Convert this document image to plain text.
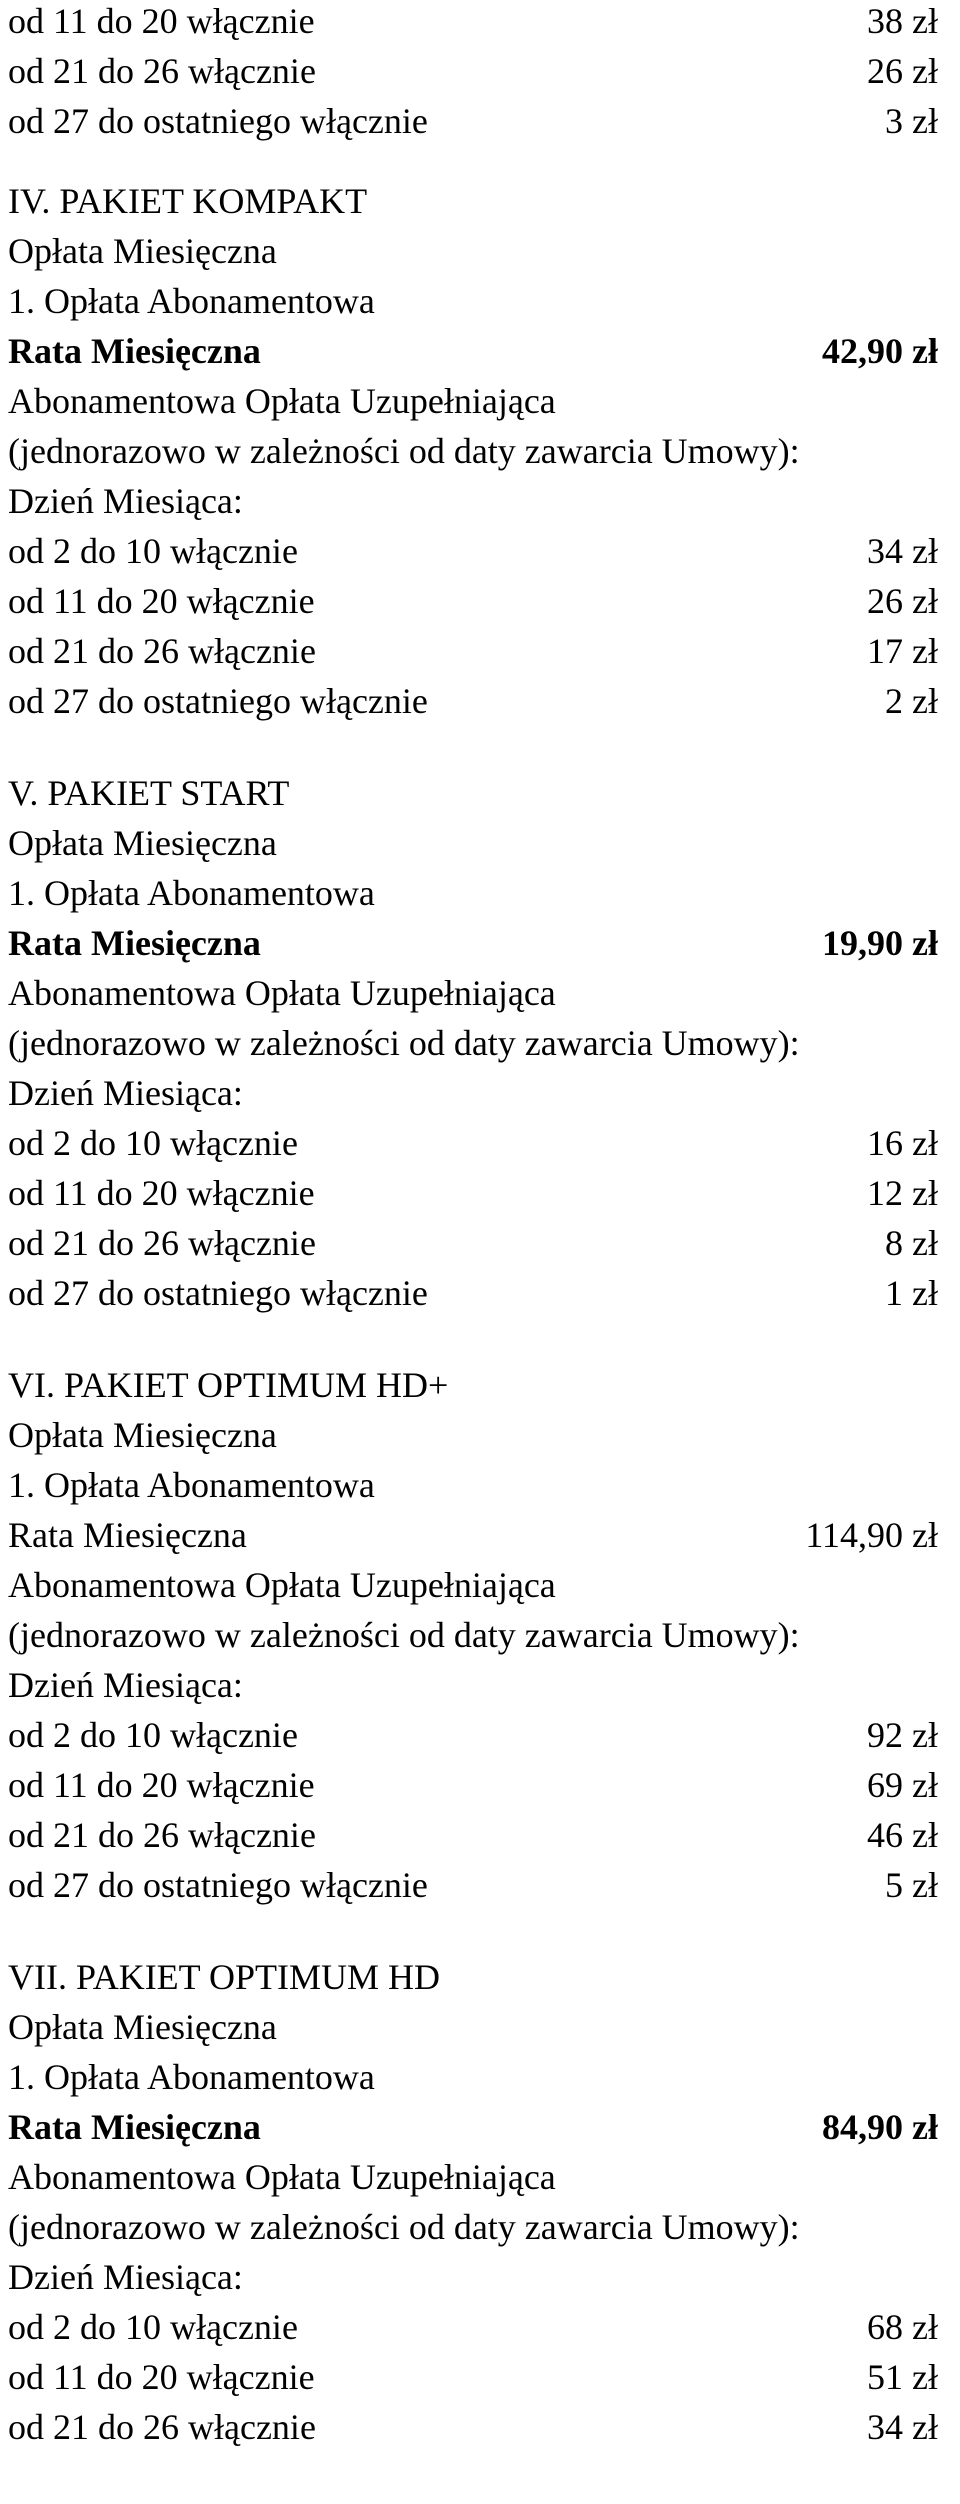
od 11 do 20 włącznie	38 zł
od 21 do 26 włącznie	26 zł
od 27 do ostatniego włącznie	3 zł
IV. PAKIET KOMPAKT
Opłata Miesięczna
1. Opłata Abonamentowa
Rata Miesięczna	42,90 zł
Abonamentowa Opłata Uzupełniająca
(jednorazowo w zależności od daty zawarcia Umowy):
Dzień Miesiąca:
od 2 do 10 włącznie	34 zł
od 11 do 20 włącznie	26 zł
od 21 do 26 włącznie	17 zł
od 27 do ostatniego włącznie	2 zł
V. PAKIET START
Opłata Miesięczna
1. Opłata Abonamentowa
Rata Miesięczna	19,90 zł
Abonamentowa Opłata Uzupełniająca
(jednorazowo w zależności od daty zawarcia Umowy):
Dzień Miesiąca:
od 2 do 10 włącznie	16 zł
od 11 do 20 włącznie	12 zł
od 21 do 26 włącznie	8 zł
od 27 do ostatniego włącznie	1 zł
VI. PAKIET OPTIMUM HD+
Opłata Miesięczna
1. Opłata Abonamentowa
Rata Miesięczna	114,90 zł
Abonamentowa Opłata Uzupełniająca
(jednorazowo w zależności od daty zawarcia Umowy):
Dzień Miesiąca:
od 2 do 10 włącznie	92 zł
od 11 do 20 włącznie	69 zł
od 21 do 26 włącznie	46 zł
od 27 do ostatniego włącznie	5 zł
VII. PAKIET OPTIMUM HD
Opłata Miesięczna
1. Opłata Abonamentowa
Rata Miesięczna	84,90 zł
Abonamentowa Opłata Uzupełniająca
(jednorazowo w zależności od daty zawarcia Umowy):
Dzień Miesiąca:
od 2 do 10 włącznie	68 zł
od 11 do 20 włącznie	51 zł
od 21 do 26 włącznie	34 zł
